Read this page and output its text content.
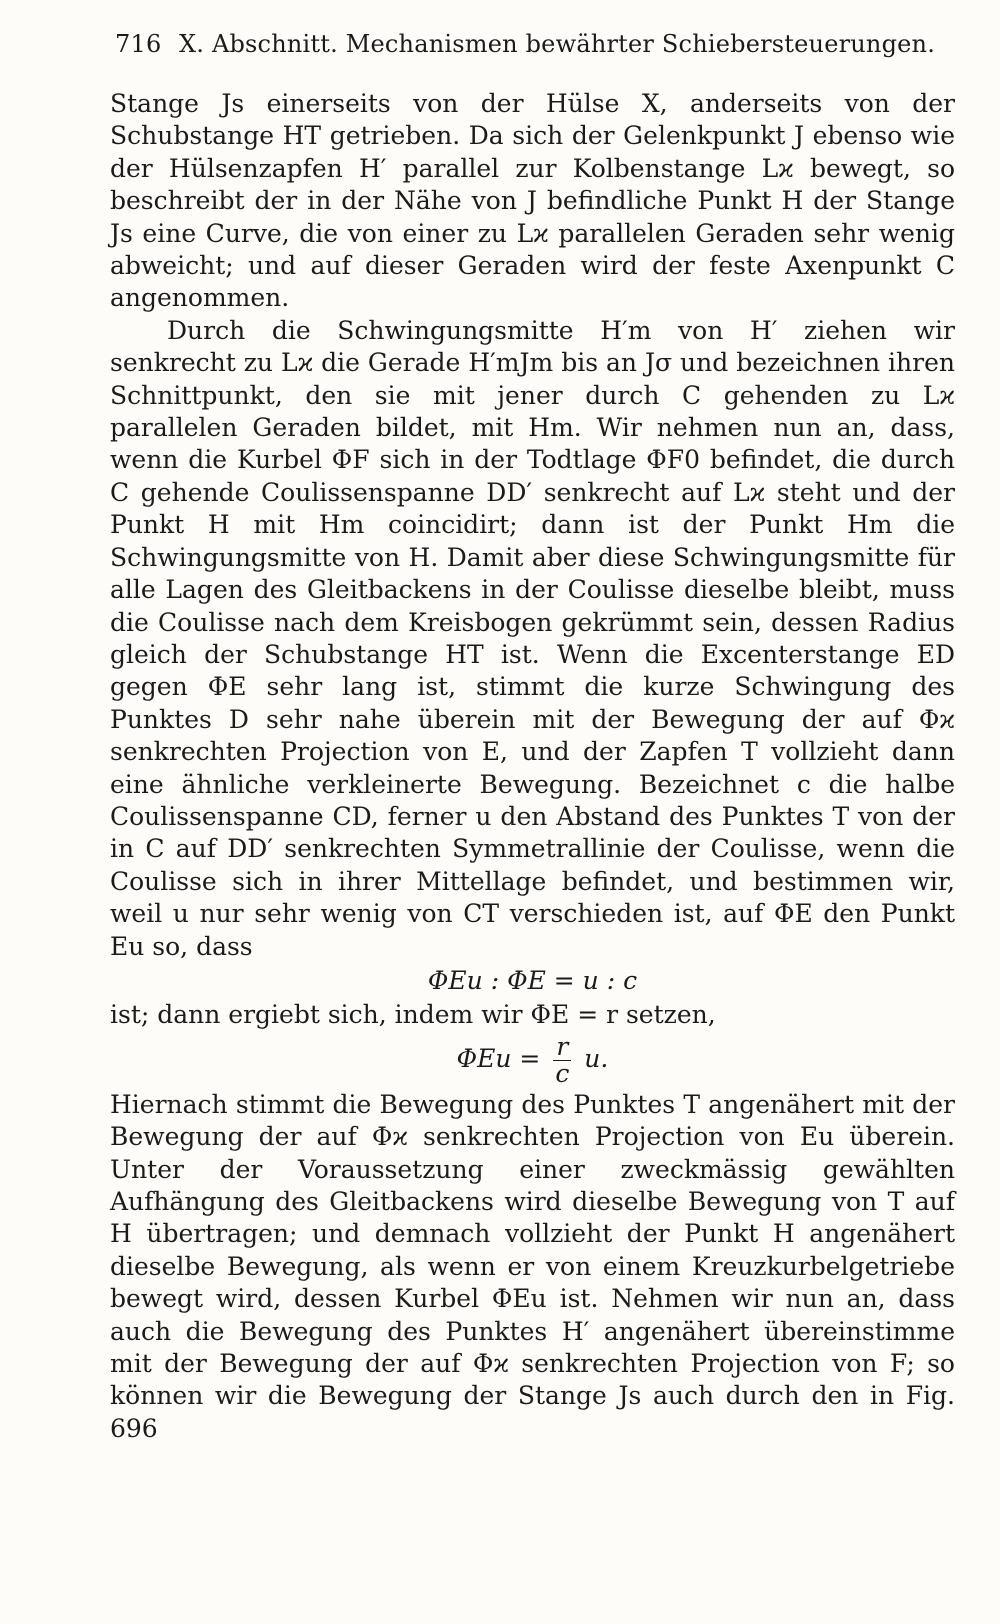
716 X. Abschnitt. Mechanismen bewährter Schiebersteuerungen.

Stange Js einerseits von der Hülse X, anderseits von der Schubstange HT getrieben. Da sich der Gelenkpunkt J ebenso wie der Hülsenzapfen H′ parallel zur Kolbenstange Lϰ bewegt, so beschreibt der in der Nähe von J befindliche Punkt H der Stange Js eine Curve, die von einer zu Lϰ parallelen Geraden sehr wenig abweicht; und auf dieser Geraden wird der feste Axenpunkt C angenommen.

Durch die Schwingungsmitte H′m von H′ ziehen wir senkrecht zu Lϰ die Gerade H′mJm bis an Jσ und bezeichnen ihren Schnittpunkt, den sie mit jener durch C gehenden zu Lϰ parallelen Geraden bildet, mit Hm. Wir nehmen nun an, dass, wenn die Kurbel ΦF sich in der Todtlage ΦF0 befindet, die durch C gehende Coulissenspanne DD′ senkrecht auf Lϰ steht und der Punkt H mit Hm coincidirt; dann ist der Punkt Hm die Schwingungsmitte von H. Damit aber diese Schwingungsmitte für alle Lagen des Gleitbackens in der Coulisse dieselbe bleibt, muss die Coulisse nach dem Kreisbogen gekrümmt sein, dessen Radius gleich der Schubstange HT ist. Wenn die Excenterstange ED gegen ΦE sehr lang ist, stimmt die kurze Schwingung des Punktes D sehr nahe überein mit der Bewegung der auf Φϰ senkrechten Projection von E, und der Zapfen T vollzieht dann eine ähnliche verkleinerte Bewegung. Bezeichnet c die halbe Coulissenspanne CD, ferner u den Abstand des Punktes T von der in C auf DD′ senkrechten Symmetrallinie der Coulisse, wenn die Coulisse sich in ihrer Mittellage befindet, und bestimmen wir, weil u nur sehr wenig von CT verschieden ist, auf ΦE den Punkt Eu so, dass

ΦEu : ΦE = u : c

ist; dann ergiebt sich, indem wir ΦE = r setzen,

$\Phi Eu = \frac{r}{c} u$.

Hiernach stimmt die Bewegung des Punktes T angenähert mit der Bewegung der auf Φϰ senkrechten Projection von Eu überein. Unter der Voraussetzung einer zweckmässig gewählten Aufhängung des Gleitbackens wird dieselbe Bewegung von T auf H übertragen; und demnach vollzieht der Punkt H angenähert dieselbe Bewegung, als wenn er von einem Kreuzkurbelgetriebe bewegt wird, dessen Kurbel ΦEu ist. Nehmen wir nun an, dass auch die Bewegung des Punktes H′ angenähert übereinstimme mit der Bewegung der auf Φϰ senkrechten Projection von F; so können wir die Bewegung der Stange Js auch durch den in Fig. 696
